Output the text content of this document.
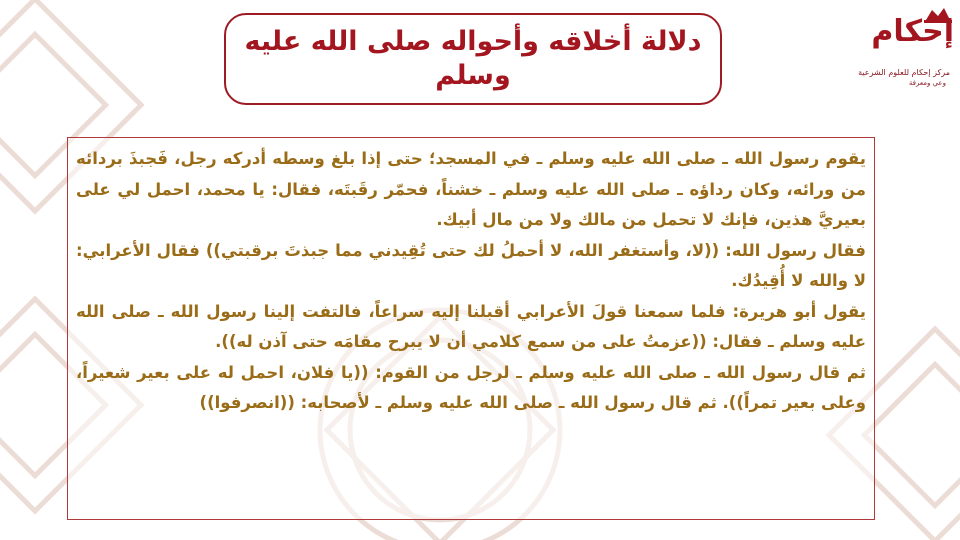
دلالة أخلاقه وأحواله صلى الله عليه
وسلم
إحكام
مركز إحكام للعلوم الشرعية
وعي ومعرفة
يقوم رسول الله ـ صلى الله عليه وسلم ـ في المسجد؛ حتى إذا بلغ وسطه أدركه رجل، فَجبذَ بردائه من ورائه، وكان رداؤه ـ صلى الله عليه وسلم ـ خشناً، فحمّر رقَبتَه، فقال: يا محمد، احمل لي على بعيريَّ هذين، فإنك لا تحمل من مالك ولا من مال أبيك.
فقال رسول الله: ((لا، وأستغفر الله، لا أحملُ لك حتى تُقِيدني مما جبذتَ برقبتي)) فقال الأعرابي: لا والله لا أُقِيدُك.
يقول أبو هريرة: فلما سمعنا قولَ الأعرابي أقبلنا إليه سراعاً، فالتفت إلينا رسول الله ـ صلى الله عليه وسلم ـ فقال: ((عزمتُ على من سمع كلامي أن لا يبرح مقامَه حتى آذن له)).
ثم قال رسول الله ـ صلى الله عليه وسلم ـ لرجل من القوم: ((يا فلان، احمل له على بعير شعيراً، وعلى بعير تمراً)). ثم قال رسول الله ـ صلى الله عليه وسلم ـ لأصحابه: ((انصرفوا))
